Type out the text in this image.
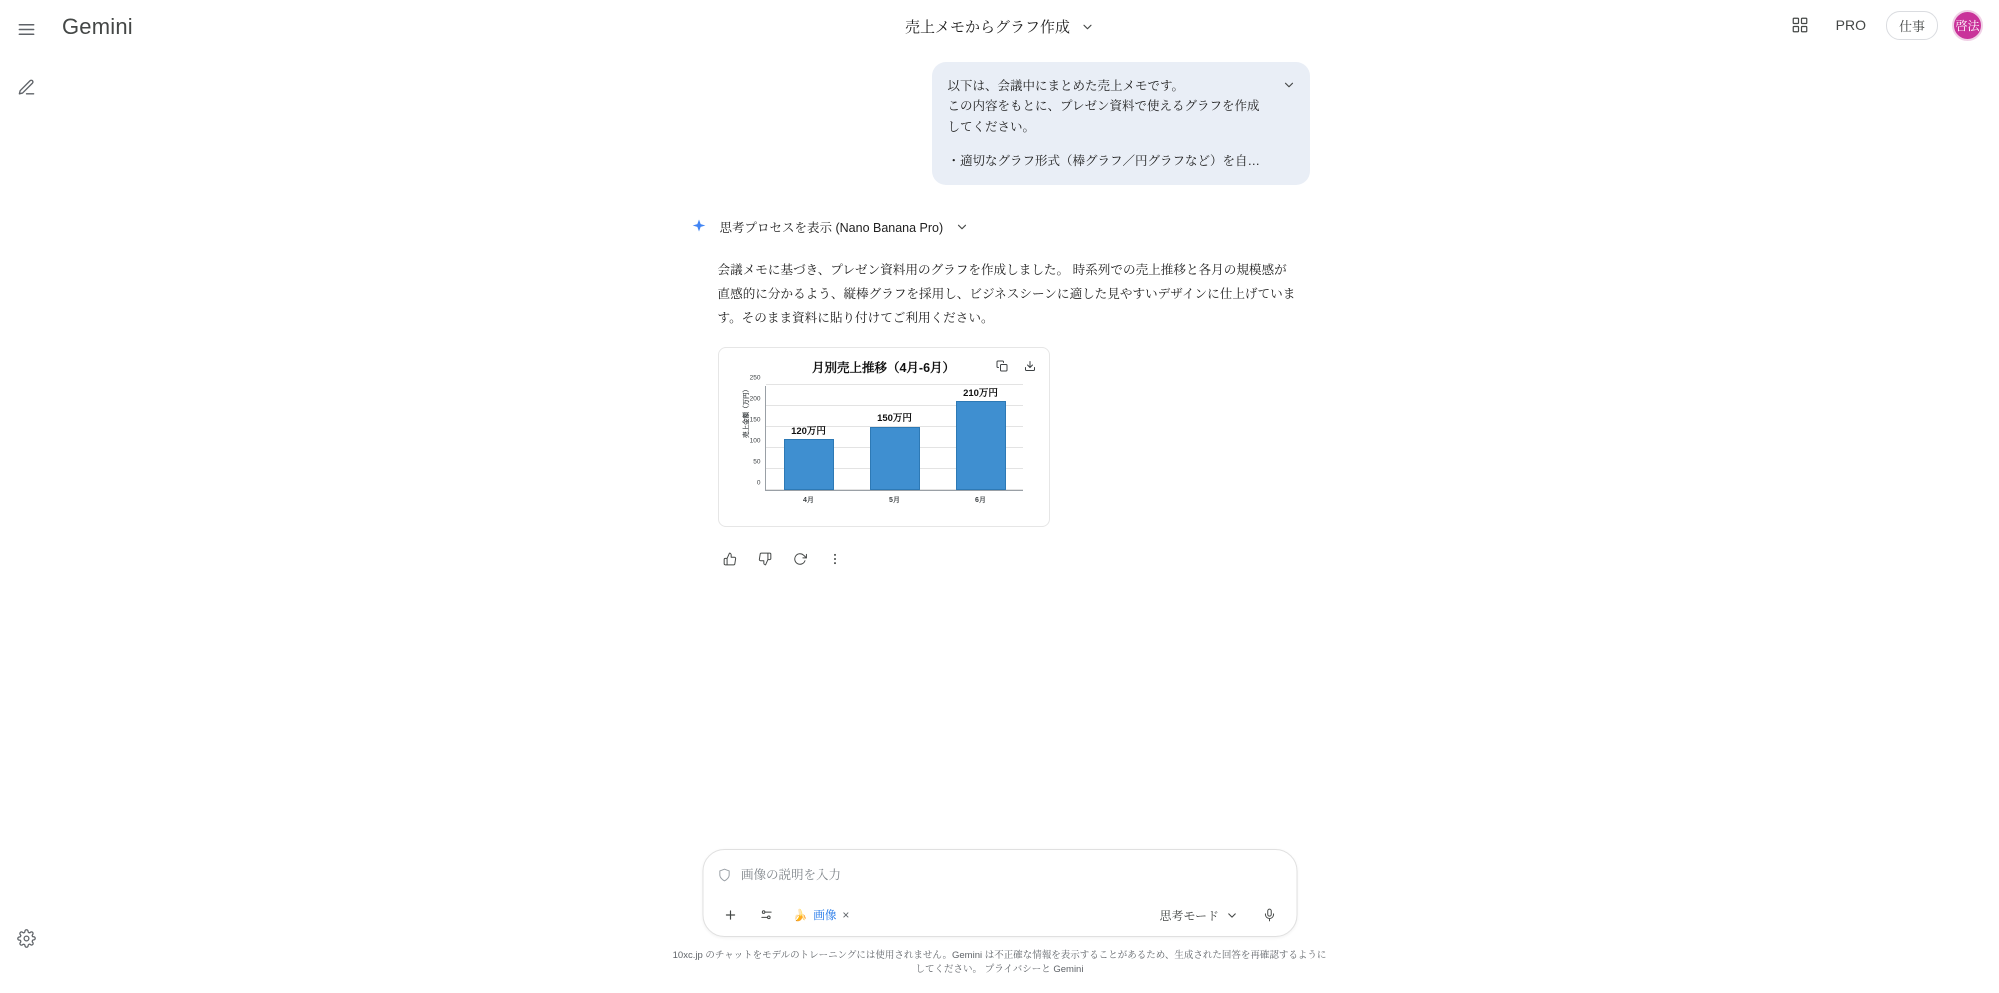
Gemini	売上メモからグラフ作成	PRO	仕事	啓法

以下は、会議中にまとめた売上メモです。

この内容をもとに、プレゼン資料で使えるグラフを作成

してください。

・適切なグラフ形式（棒グラフ／円グラフなど）を自…

思考プロセスを表示 (Nano Banana Pro)
会議メモに基づき、プレゼン資料用のグラフを作成しました。 時系列での売上推移と各月の規模感が直感的に分かるよう、縦棒グラフを採用し、ビジネスシーンに適した見やすいデザインに仕上げています。そのまま資料に貼り付けてご利用ください。
月別売上推移（4月-6月）
売上金額（万円）
0
50
100
150
200
250
120万円
150万円
210万円
4月	5月	6月
画像の説明を入力
🍌 画像 ×	思考モード
10xc.jp のチャットをモデルのトレーニングには使用されません。Gemini は不正確な情報を表示することがあるため、生成された回答を再確認するようにしてください。 プライバシーと Gemini
